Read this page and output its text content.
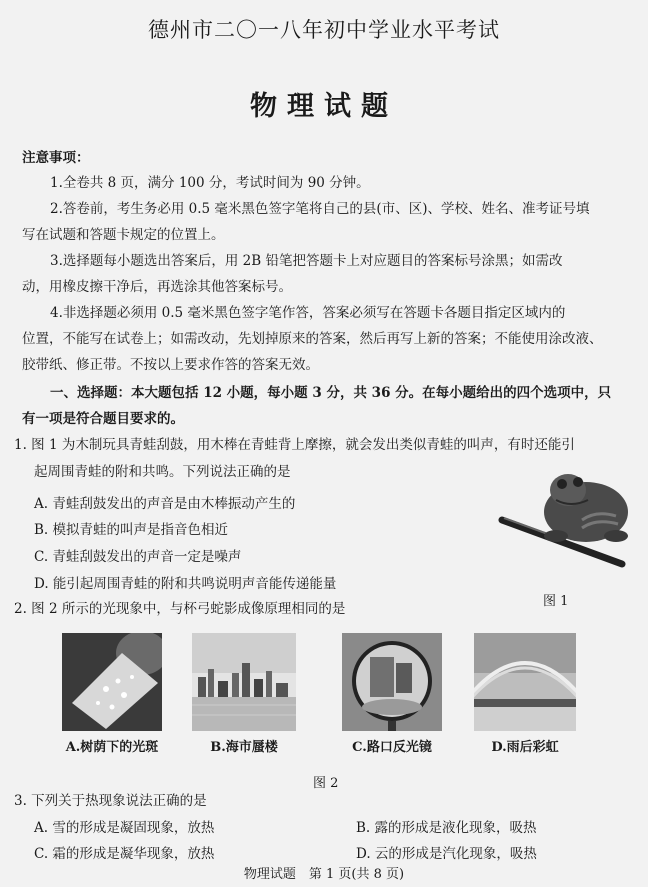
德州市二〇一八年初中学业水平考试
物理试题
注意事项：
1.全卷共 8 页，满分 100 分，考试时间为 90 分钟。
2.答卷前，考生务必用 0.5 毫米黑色签字笔将自己的县(市、区)、学校、姓名、准考证号填
写在试题和答题卡规定的位置上。
3.选择题每小题选出答案后，用 2B 铅笔把答题卡上对应题目的答案标号涂黑；如需改
动，用橡皮擦干净后，再选涂其他答案标号。
4.非选择题必须用 0.5 毫米黑色签字笔作答，答案必须写在答题卡各题目指定区域内的
位置，不能写在试卷上；如需改动，先划掉原来的答案，然后再写上新的答案；不能使用涂改液、
胶带纸、修正带。不按以上要求作答的答案无效。
一、选择题：本大题包括 12 小题，每小题 3 分，共 36 分。在每小题给出的四个选项中，只
有一项是符合题目要求的。
1. 图 1 为木制玩具青蛙刮鼓，用木棒在青蛙背上摩擦，就会发出类似青蛙的叫声，有时还能引
起周围青蛙的附和共鸣。下列说法正确的是
A. 青蛙刮鼓发出的声音是由木棒振动产生的
B. 模拟青蛙的叫声是指音色相近
C. 青蛙刮鼓发出的声音一定是噪声
D. 能引起周围青蛙的附和共鸣说明声音能传递能量
图 1
2. 图 2 所示的光现象中，与杯弓蛇影成像原理相同的是
A.树荫下的光斑	B.海市蜃楼	C.路口反光镜	D.雨后彩虹
图 2
3. 下列关于热现象说法正确的是
A. 雪的形成是凝固现象，放热	B. 露的形成是液化现象，吸热
C. 霜的形成是凝华现象，放热	D. 云的形成是汽化现象，吸热
物理试题　第 1 页(共 8 页)
